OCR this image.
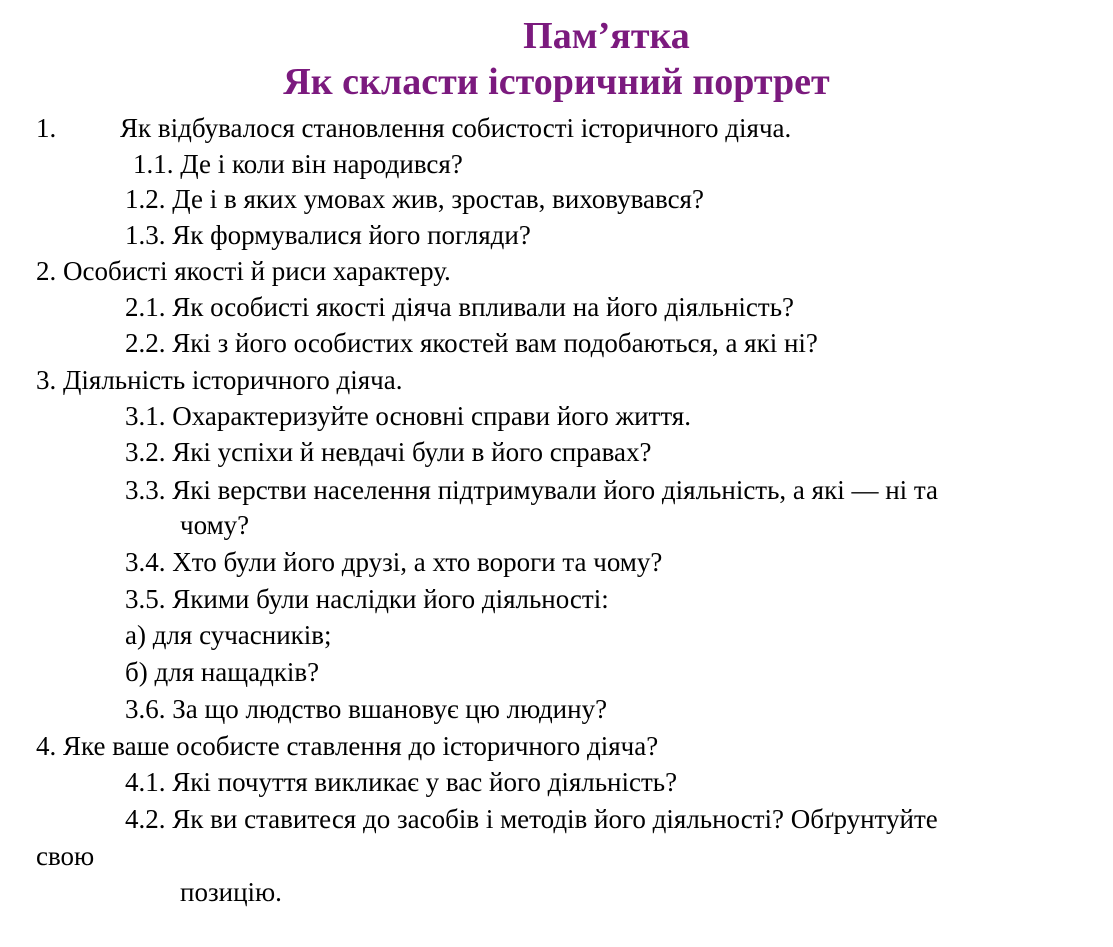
Пам’ятка
Як скласти історичний портрет
1. Як відбувалося становлення собистості історичного діяча.
1.1. Де і коли він народився?
1.2. Де і в яких умовах жив, зростав, виховувався?
1.3. Як формувалися його погляди?
2. Особисті якості й риси характеру.
2.1. Як особисті якості діяча впливали на його діяльність?
2.2. Які з його особистих якостей вам подобаються, а які ні?
3. Діяльність історичного діяча.
3.1. Охарактеризуйте основні справи його життя.
3.2. Які успіхи й невдачі були в його справах?
3.3. Які верстви населення підтримували його діяльність, а які — ні та
чому?
3.4. Хто були його друзі, а хто вороги та чому?
3.5. Якими були наслідки його діяльності:
а) для сучасників;
б) для нащадків?
3.6. За що людство вшановує цю людину?
4. Яке ваше особисте ставлення до історичного діяча?
4.1. Які почуття викликає у вас його діяльність?
4.2. Як ви ставитеся до засобів і методів його діяльності? Обґрунтуйте
свою
позицію.
